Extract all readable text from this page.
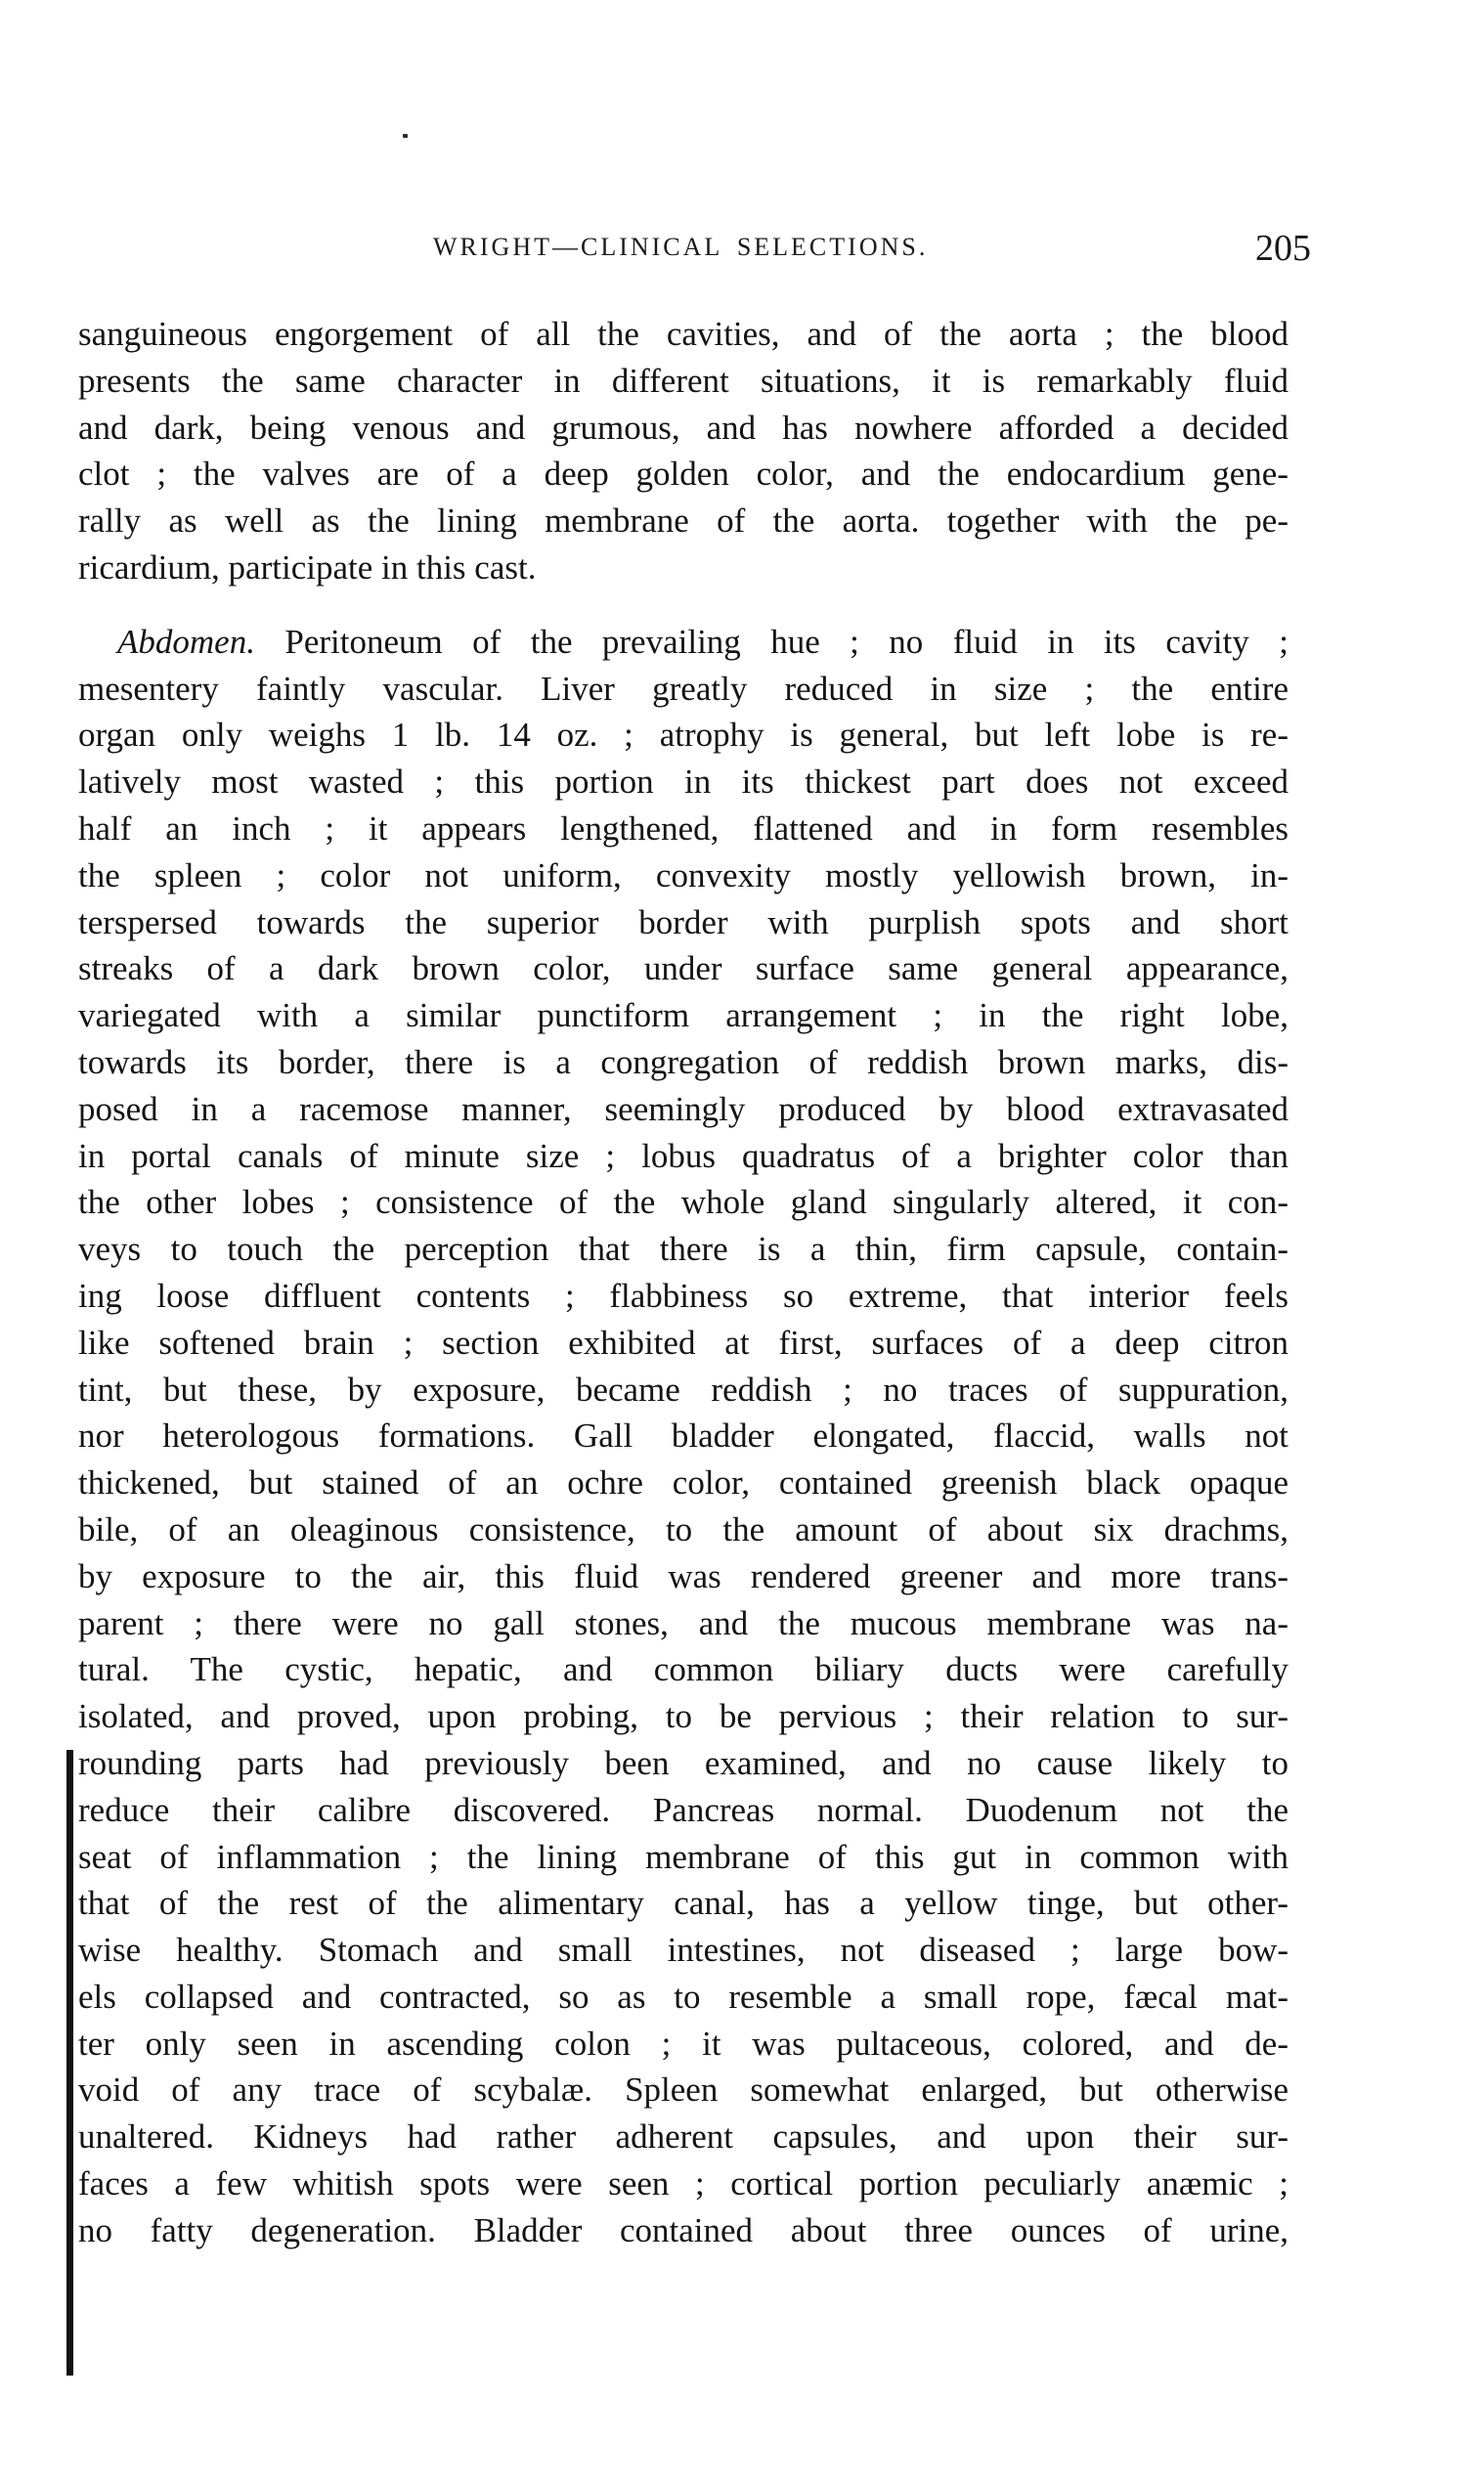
WRIGHT—CLINICAL SELECTIONS.	205
sanguineous engorgement of all the cavities, and of the aorta ; the blood
presents the same character in different situations, it is remarkably fluid
and dark, being venous and grumous, and has nowhere afforded a decided
clot ; the valves are of a deep golden color, and the endocardium gene-
rally as well as the lining membrane of the aorta. together with the pe-
ricardium, participate in this cast.
Abdomen. Peritoneum of the prevailing hue ; no fluid in its cavity ;
mesentery faintly vascular. Liver greatly reduced in size ; the entire
organ only weighs 1 lb. 14 oz. ; atrophy is general, but left lobe is re-
latively most wasted ; this portion in its thickest part does not exceed
half an inch ; it appears lengthened, flattened and in form resembles
the spleen ; color not uniform, convexity mostly yellowish brown, in-
terspersed towards the superior border with purplish spots and short
streaks of a dark brown color, under surface same general appearance,
variegated with a similar punctiform arrangement ; in the right lobe,
towards its border, there is a congregation of reddish brown marks, dis-
posed in a racemose manner, seemingly produced by blood extravasated
in portal canals of minute size ; lobus quadratus of a brighter color than
the other lobes ; consistence of the whole gland singularly altered, it con-
veys to touch the perception that there is a thin, firm capsule, contain-
ing loose diffluent contents ; flabbiness so extreme, that interior feels
like softened brain ; section exhibited at first, surfaces of a deep citron
tint, but these, by exposure, became reddish ; no traces of suppuration,
nor heterologous formations. Gall bladder elongated, flaccid, walls not
thickened, but stained of an ochre color, contained greenish black opaque
bile, of an oleaginous consistence, to the amount of about six drachms,
by exposure to the air, this fluid was rendered greener and more trans-
parent ; there were no gall stones, and the mucous membrane was na-
tural. The cystic, hepatic, and common biliary ducts were carefully
isolated, and proved, upon probing, to be pervious ; their relation to sur-
rounding parts had previously been examined, and no cause likely to
reduce their calibre discovered. Pancreas normal. Duodenum not the
seat of inflammation ; the lining membrane of this gut in common with
that of the rest of the alimentary canal, has a yellow tinge, but other-
wise healthy. Stomach and small intestines, not diseased ; large bow-
els collapsed and contracted, so as to resemble a small rope, fæcal mat-
ter only seen in ascending colon ; it was pultaceous, colored, and de-
void of any trace of scybalæ. Spleen somewhat enlarged, but otherwise
unaltered. Kidneys had rather adherent capsules, and upon their sur-
faces a few whitish spots were seen ; cortical portion peculiarly anæmic ;
no fatty degeneration. Bladder contained about three ounces of urine,
